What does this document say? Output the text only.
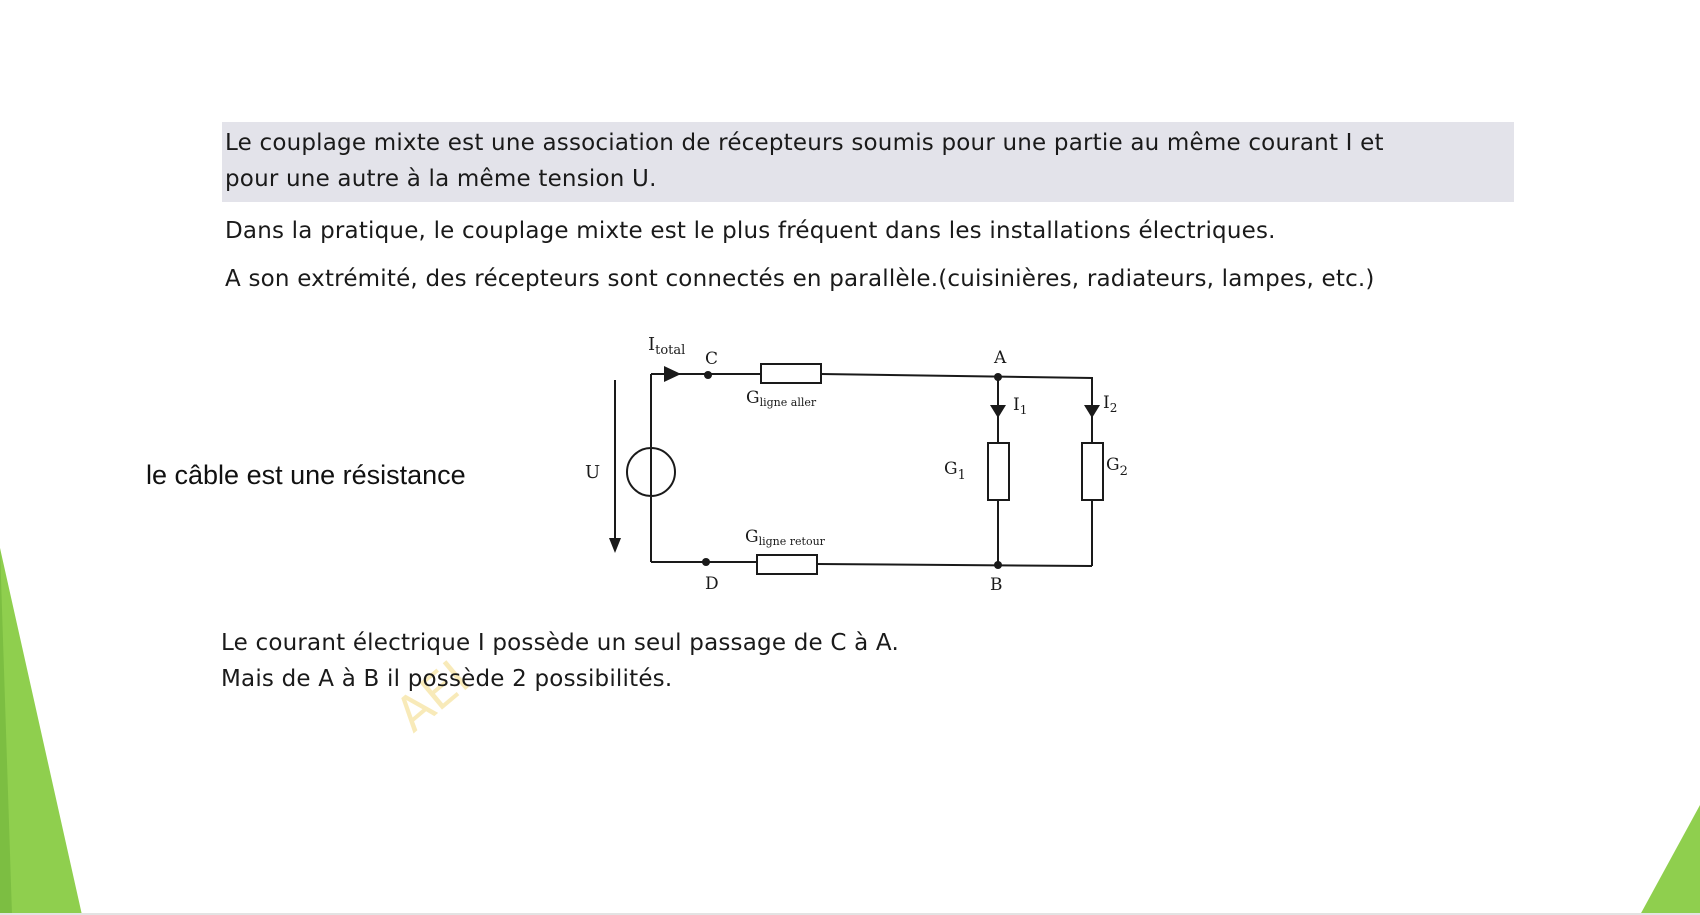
AEI
Le couplage mixte est une association de récepteurs soumis pour une partie au même courant I et
pour une autre à la même tension U.
Dans la pratique, le couplage mixte est le plus fréquent dans les installations électriques.
A son extrémité, des récepteurs sont connectés en parallèle.(cuisinières, radiateurs, lampes, etc.)
Le courant électrique I possède un seul passage de C à A.
Mais de A à B il possède 2 possibilités.
le câble est une résistance
$I_{total}$ C	A
D	B
U
Gligne aller
Gligne retour
$G_1$
$G_2$
$I_1$	$I_2$
